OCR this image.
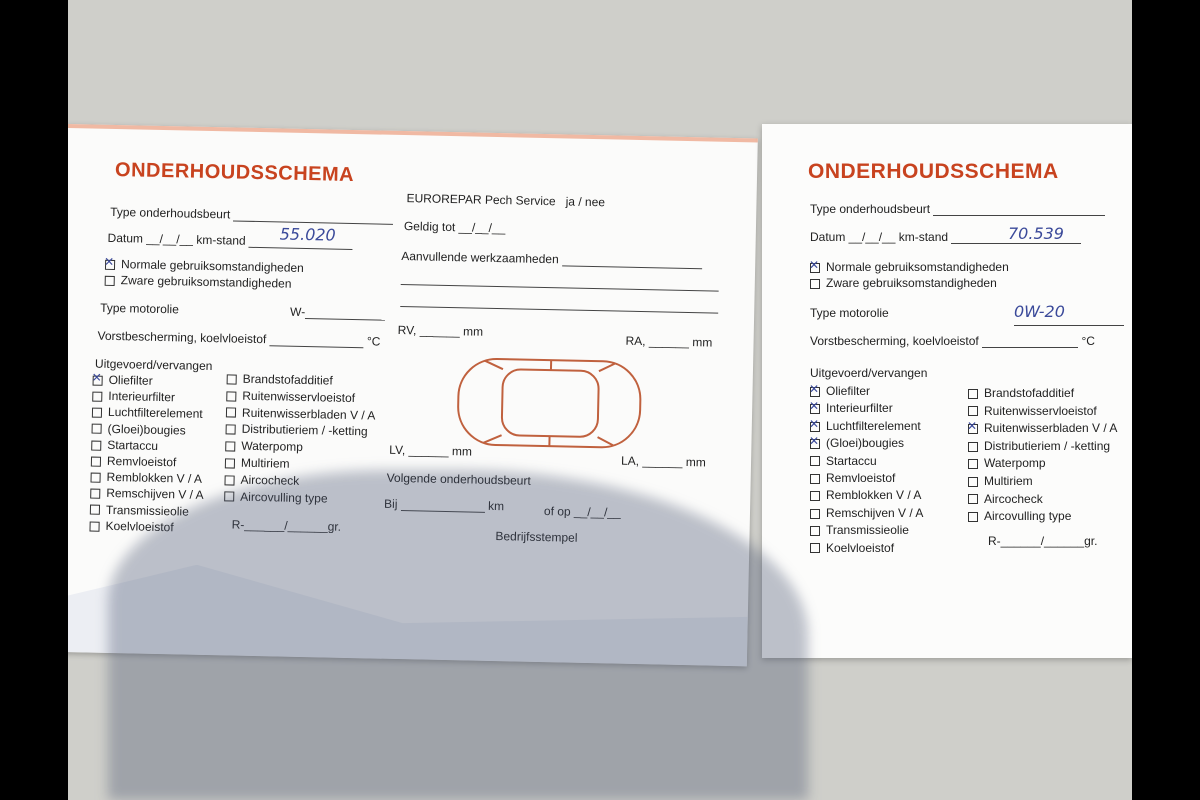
ONDERHOUDSSCHEMA
Type onderhoudsbeurt
Datum __/__/__ km-stand	55.020
✕Normale gebruiksomstandigheden
Zware gebruiksomstandigheden
Type motorolie	W-
Vorstbescherming, koelvloeistof	°C
Uitgevoerd/vervangen
✕Oliefilter
Interieurfilter
Luchtfilterelement
(Gloei)bougies
Startaccu
Remvloeistof
Remblokken V / A
Remschijven V / A
Transmissieolie
Koelvloeistof
Brandstofadditief
Ruitenwisservloeistof
Ruitenwisserbladen V / A
Distributieriem / -ketting
Waterpomp
Multiriem
Aircocheck
Aircovulling type
R-______/______gr.
EUROREPAR Pech Service ja / nee
Geldig tot __/__/__
Aanvullende werkzaamheden
RV, ______ mm
RA, ______ mm
LV, ______ mm
LA, ______ mm
Volgende onderhoudsbeurt
Bij	km	of op __/__/__
Bedrijfsstempel
ONDERHOUDSSCHEMA
Type onderhoudsbeurt
Datum __/__/__ km-stand	70.539
✕Normale gebruiksomstandigheden
Zware gebruiksomstandigheden
Type motorolie	0W-20
Vorstbescherming, koelvloeistof	°C
Uitgevoerd/vervangen
✕Oliefilter
✕Interieurfilter
✕Luchtfilterelement
✕(Gloei)bougies
Startaccu
Remvloeistof
Remblokken V / A
Remschijven V / A
Transmissieolie
Koelvloeistof
Brandstofadditief
Ruitenwisservloeistof
✕Ruitenwisserbladen V / A
Distributieriem / -ketting
Waterpomp
Multiriem
Aircocheck
Aircovulling type
R-______/______gr.
